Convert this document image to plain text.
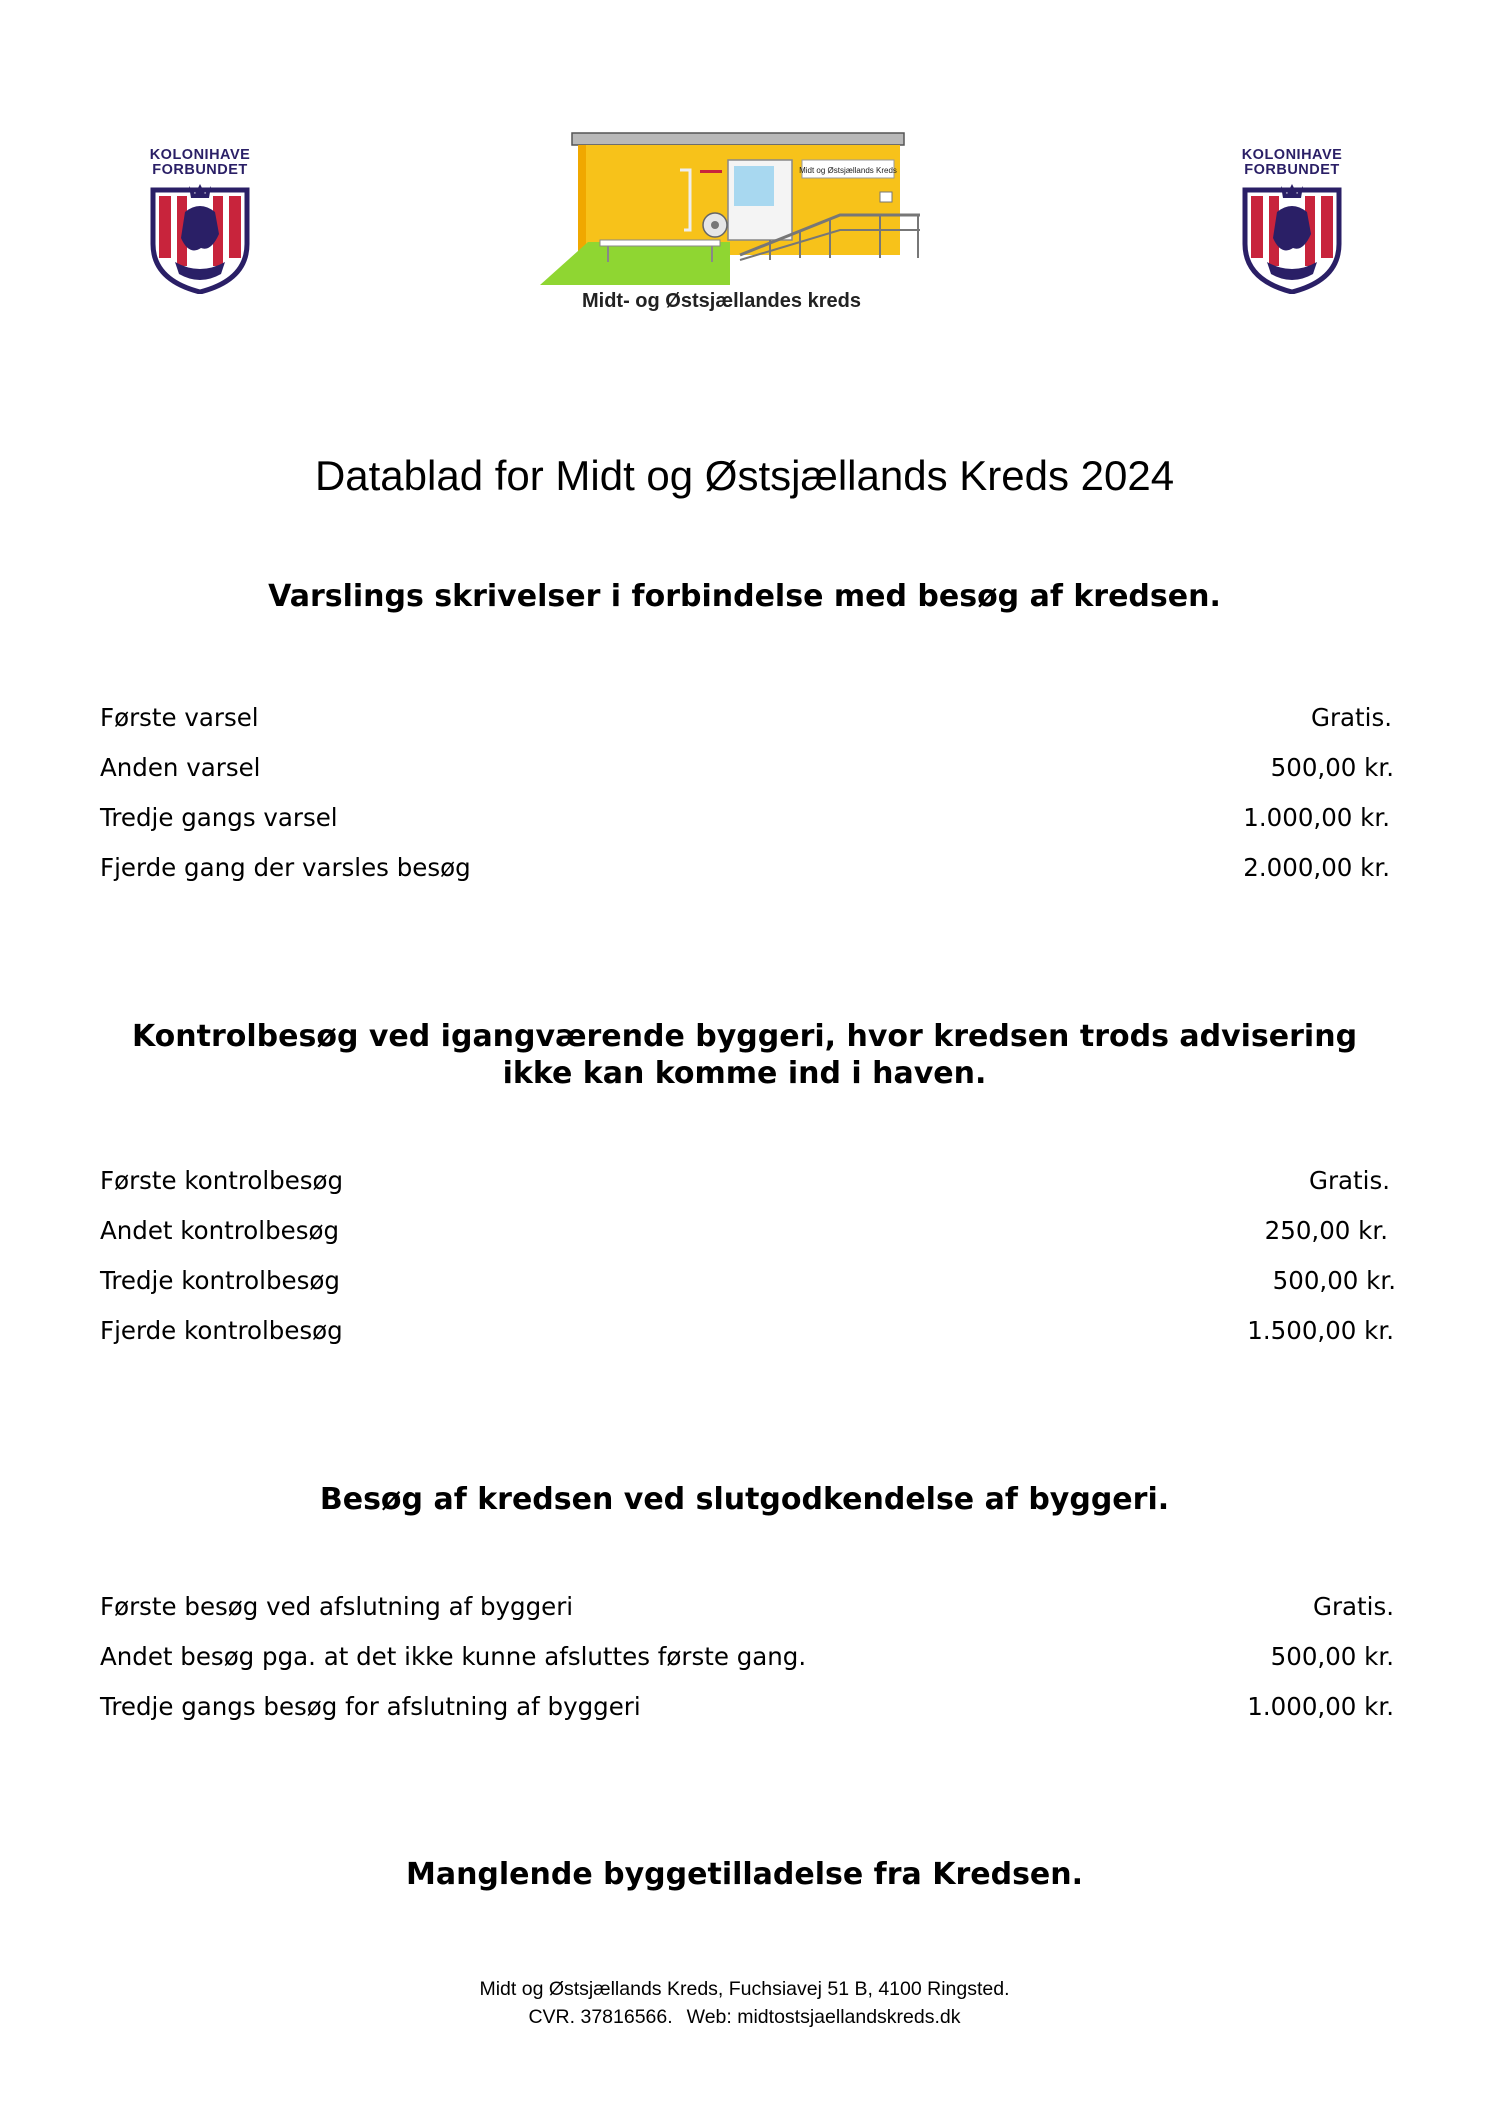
KOLONIHAVE
FORBUNDET	Midt og Østsjællands Kreds
Midt- og Østsjællandes kreds
KOLONIHAVE
FORBUNDET
Datablad for Midt og Østsjællands Kreds 2024
Varslings skrivelser i forbindelse med besøg af kredsen.
Første varsel	Gratis.
Anden varsel	500,00 kr.
Tredje gangs varsel	1.000,00 kr.
Fjerde gang der varsles besøg	2.000,00 kr.
Kontrolbesøg ved igangværende byggeri, hvor kredsen trods advisering
ikke kan komme ind i haven.
Første kontrolbesøg	Gratis.
Andet kontrolbesøg	250,00 kr.
Tredje kontrolbesøg	500,00 kr.
Fjerde kontrolbesøg	1.500,00 kr.
Besøg af kredsen ved slutgodkendelse af byggeri.
Første besøg ved afslutning af byggeri	Gratis.
Andet besøg pga. at det ikke kunne afsluttes første gang.	500,00 kr.
Tredje gangs besøg for afslutning af byggeri	1.000,00 kr.
Manglende byggetilladelse fra Kredsen.
Midt og Østsjællands Kreds, Fuchsiavej 51 B, 4100 Ringsted.
CVR. 37816566. Web: midtostsjaellandskreds.dk
